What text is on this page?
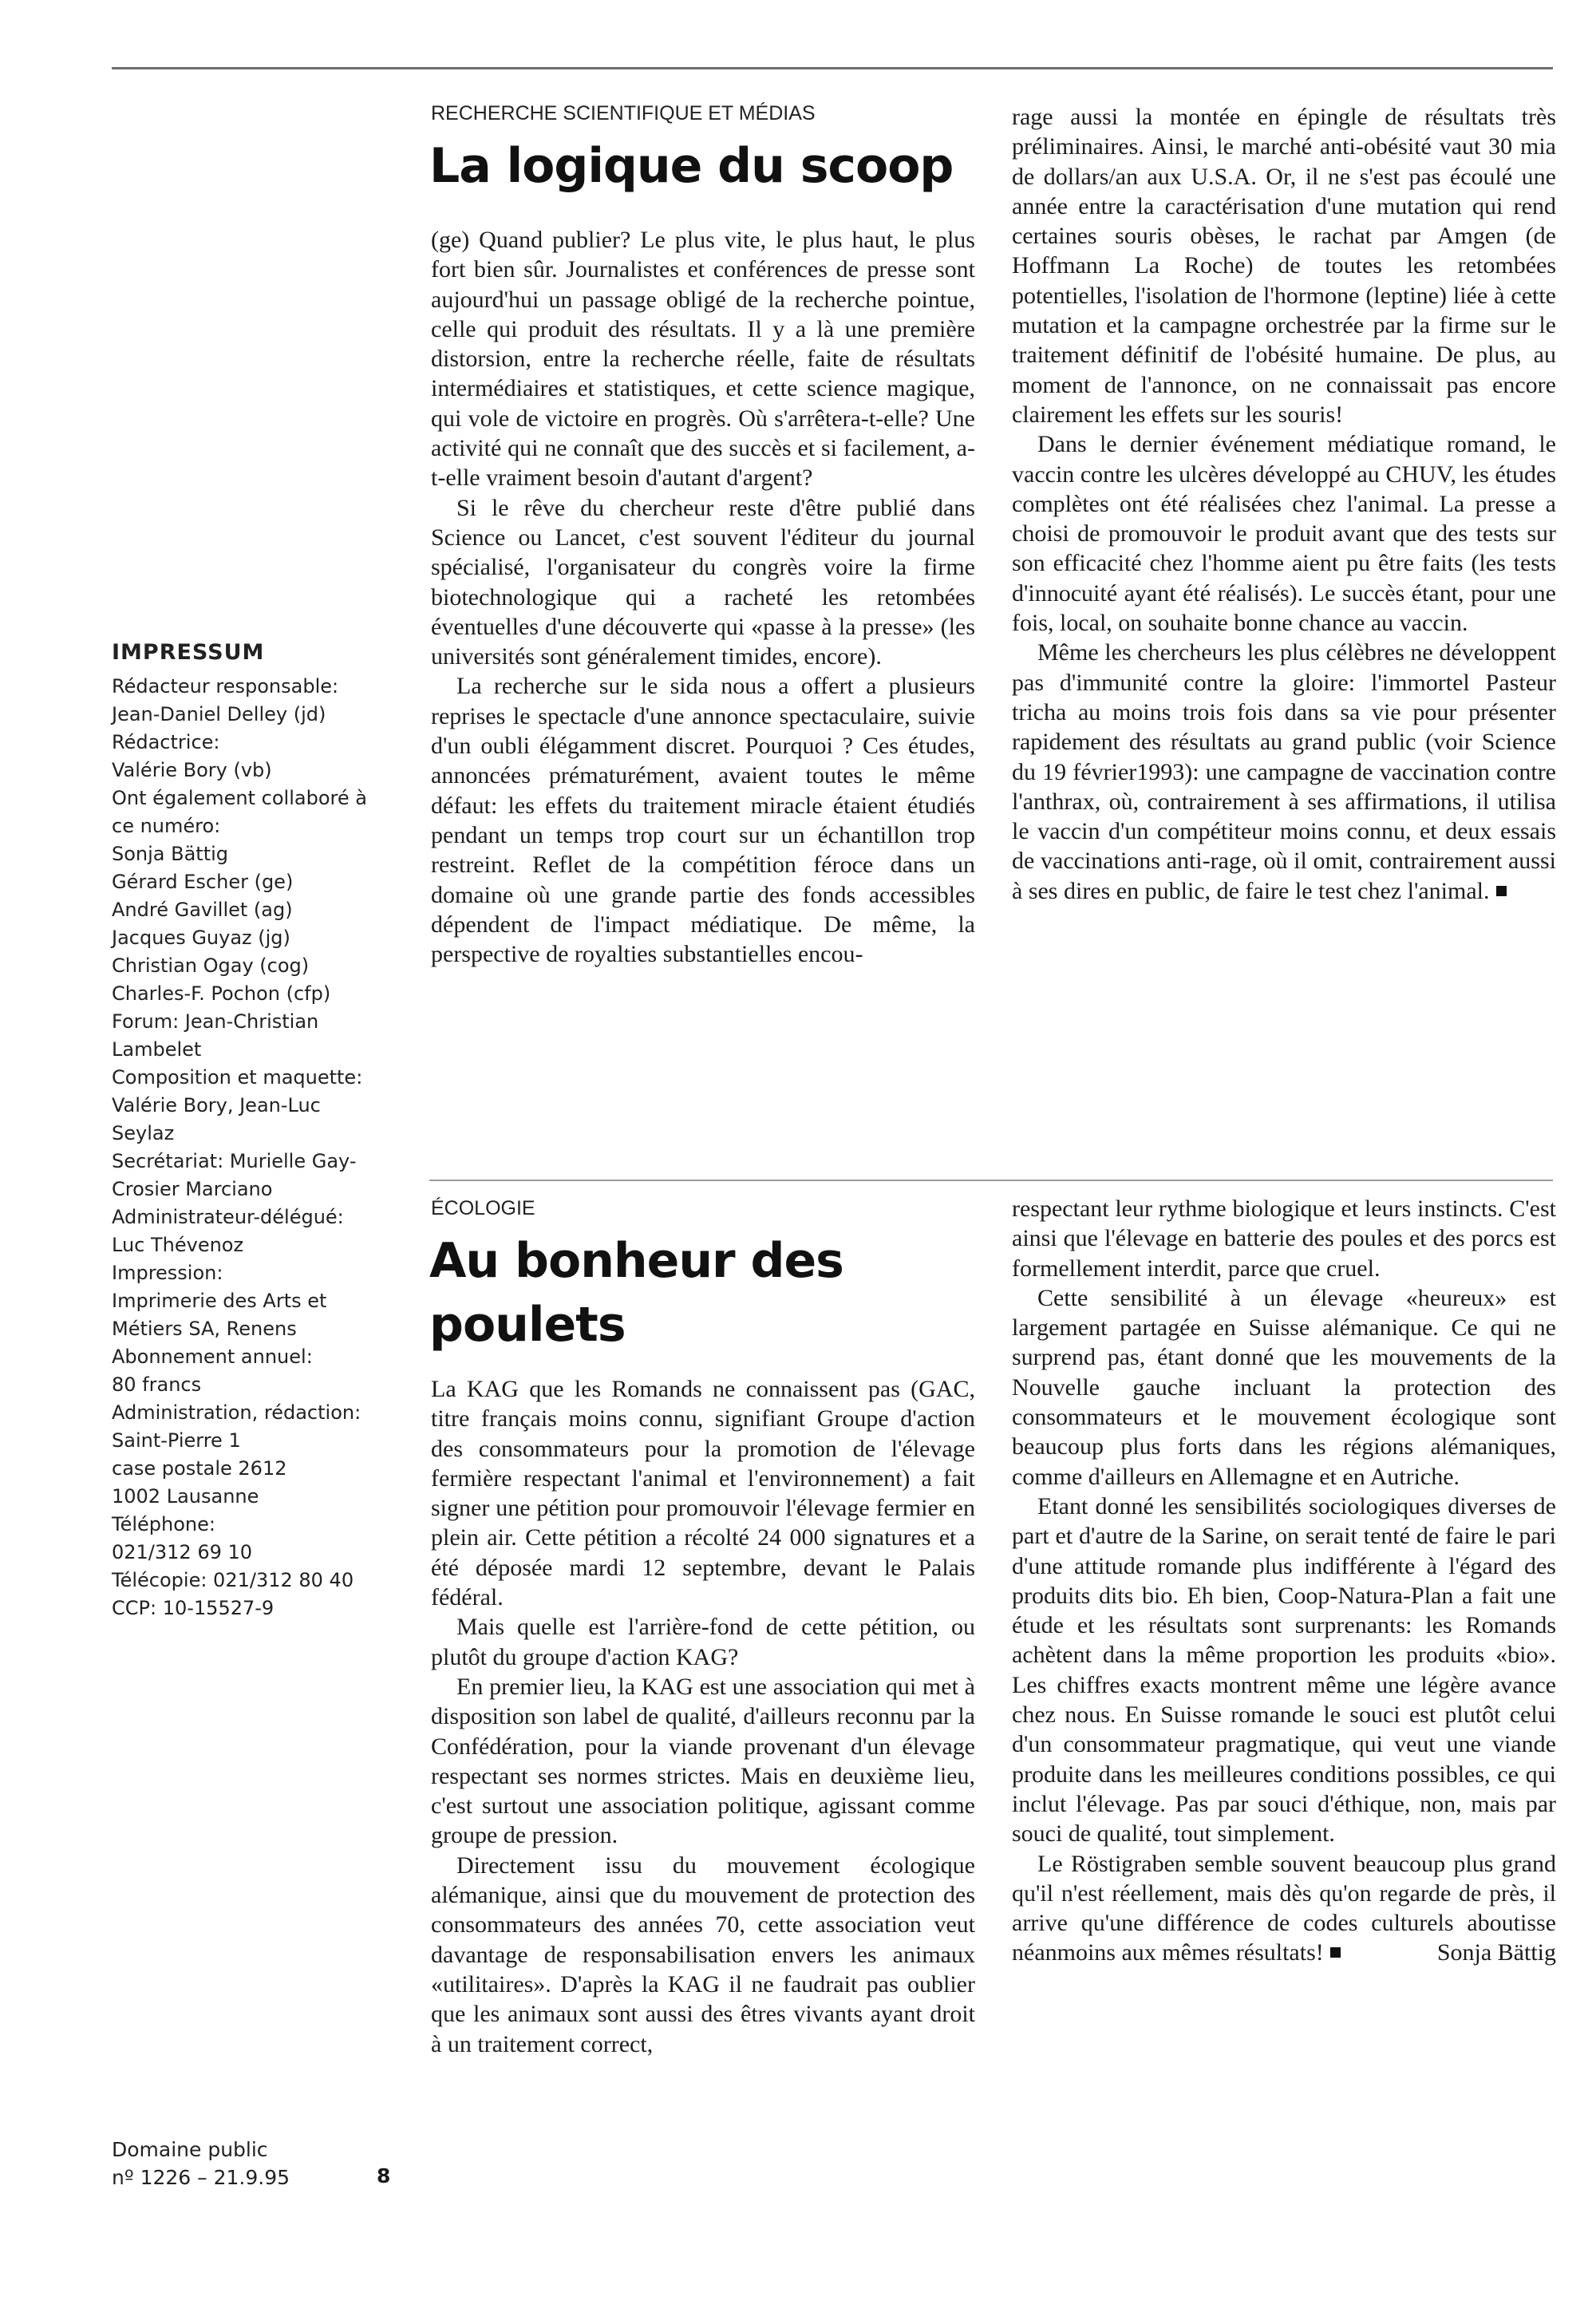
IMPRESSUM
Rédacteur responsable:
Jean-Daniel Delley (jd)
Rédactrice:
Valérie Bory (vb)
Ont également collaboré à
ce numéro:
Sonja Bättig
Gérard Escher (ge)
André Gavillet (ag)
Jacques Guyaz (jg)
Christian Ogay (cog)
Charles-F. Pochon (cfp)
Forum: Jean-Christian
Lambelet
Composition et maquette:
Valérie Bory, Jean-Luc
Seylaz
Secrétariat: Murielle Gay-
Crosier Marciano
Administrateur-délégué:
Luc Thévenoz
Impression:
Imprimerie des Arts et
Métiers SA, Renens
Abonnement annuel:
80 francs
Administration, rédaction:
Saint-Pierre 1
case postale 2612
1002 Lausanne
Téléphone:
021/312 69 10
Télécopie: 021/312 80 40
CCP: 10-15527-9
Domaine public
nº 1226 – 21.9.95	8
RECHERCHE SCIENTIFIQUE ET MÉDIAS
La logique du scoop

(ge) Quand publier? Le plus vite, le plus haut, le plus fort bien sûr. Journalistes et conférences de presse sont aujourd'hui un passage obligé de la recherche pointue, celle qui produit des résultats. Il y a là une première distorsion, entre la recherche réelle, faite de résultats intermédiaires et statistiques, et cette science magique, qui vole de victoire en progrès. Où s'arrêtera-t-elle? Une activité qui ne connaît que des succès et si facilement, a-t-elle vraiment besoin d'autant d'argent?

Si le rêve du chercheur reste d'être publié dans Science ou Lancet, c'est souvent l'éditeur du journal spécialisé, l'organisateur du congrès voire la firme biotechnologique qui a racheté les retombées éventuelles d'une découverte qui «passe à la presse» (les universités sont généralement timides, encore).

La recherche sur le sida nous a offert a plusieurs reprises le spectacle d'une annonce spectaculaire, suivie d'un oubli élégamment discret. Pourquoi ? Ces études, annoncées prématurément, avaient toutes le même défaut: les effets du traitement miracle étaient étudiés pendant un temps trop court sur un échantillon trop restreint. Reflet de la compétition féroce dans un domaine où une grande partie des fonds accessibles dépendent de l'impact médiatique. De même, la perspective de royalties substantielles encou-

rage aussi la montée en épingle de résultats très préliminaires. Ainsi, le marché anti-obésité vaut 30 mia de dollars/an aux U.S.A. Or, il ne s'est pas écoulé une année entre la caractérisation d'une mutation qui rend certaines souris obèses, le rachat par Amgen (de Hoffmann La Roche) de toutes les retombées potentielles, l'isolation de l'hormone (leptine) liée à cette mutation et la campagne orchestrée par la firme sur le traitement définitif de l'obésité humaine. De plus, au moment de l'annonce, on ne connaissait pas encore clairement les effets sur les souris!

Dans le dernier événement médiatique romand, le vaccin contre les ulcères développé au CHUV, les études complètes ont été réalisées chez l'animal. La presse a choisi de promouvoir le produit avant que des tests sur son efficacité chez l'homme aient pu être faits (les tests d'innocuité ayant été réalisés). Le succès étant, pour une fois, local, on souhaite bonne chance au vaccin.

Même les chercheurs les plus célèbres ne développent pas d'immunité contre la gloire: l'immortel Pasteur tricha au moins trois fois dans sa vie pour présenter rapidement des résultats au grand public (voir Science du 19 février1993): une campagne de vaccination contre l'anthrax, où, contrairement à ses affirmations, il utilisa le vaccin d'un compétiteur moins connu, et deux essais de vaccinations anti-rage, où il omit, contrairement aussi à ses dires en public, de faire le test chez l'animal.

ÉCOLOGIE
Au bonheur des
poulets

La KAG que les Romands ne connaissent pas (GAC, titre français moins connu, signifiant Groupe d'action des consommateurs pour la promotion de l'élevage fermière respectant l'animal et l'environnement) a fait signer une pétition pour promouvoir l'élevage fermier en plein air. Cette pétition a récolté 24 000 signatures et a été déposée mardi 12 septembre, devant le Palais fédéral.

Mais quelle est l'arrière-fond de cette pétition, ou plutôt du groupe d'action KAG?

En premier lieu, la KAG est une association qui met à disposition son label de qualité, d'ailleurs reconnu par la Confédération, pour la viande provenant d'un élevage respectant ses normes strictes. Mais en deuxième lieu, c'est surtout une association politique, agissant comme groupe de pression.

Directement issu du mouvement écologique alémanique, ainsi que du mouvement de protection des consommateurs des années 70, cette association veut davantage de responsabilisation envers les animaux «utilitaires». D'après la KAG il ne faudrait pas oublier que les animaux sont aussi des êtres vivants ayant droit à un traitement correct,

respectant leur rythme biologique et leurs instincts. C'est ainsi que l'élevage en batterie des poules et des porcs est formellement interdit, parce que cruel.

Cette sensibilité à un élevage «heureux» est largement partagée en Suisse alémanique. Ce qui ne surprend pas, étant donné que les mouvements de la Nouvelle gauche incluant la protection des consommateurs et le mouvement écologique sont beaucoup plus forts dans les régions alémaniques, comme d'ailleurs en Allemagne et en Autriche.

Etant donné les sensibilités sociologiques diverses de part et d'autre de la Sarine, on serait tenté de faire le pari d'une attitude romande plus indifférente à l'égard des produits dits bio. Eh bien, Coop-Natura-Plan a fait une étude et les résultats sont surprenants: les Romands achètent dans la même proportion les produits «bio». Les chiffres exacts montrent même une légère avance chez nous. En Suisse romande le souci est plutôt celui d'un consommateur pragmatique, qui veut une viande produite dans les meilleures conditions possibles, ce qui inclut l'élevage. Pas par souci d'éthique, non, mais par souci de qualité, tout simplement.

Le Röstigraben semble souvent beaucoup plus grand qu'il n'est réellement, mais dès qu'on regarde de près, il arrive qu'une différence de codes culturels aboutisse néanmoins aux mêmes résultats!	Sonja Bättig
